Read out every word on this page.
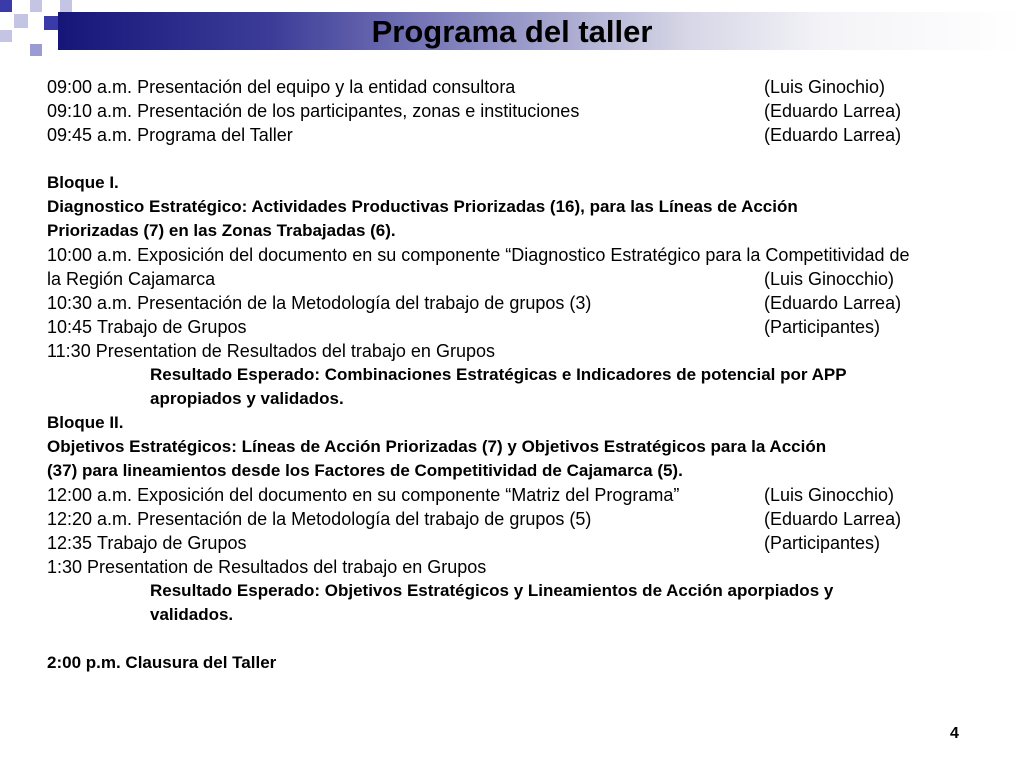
Programa del taller
09:00 a.m. Presentación del equipo y la entidad consultora	(Luis Ginochio)
09:10 a.m. Presentación de los participantes, zonas e instituciones	(Eduardo Larrea)
09:45 a.m. Programa del Taller	(Eduardo Larrea)
Bloque I.
Diagnostico Estratégico: Actividades Productivas Priorizadas (16), para las Líneas de Acción
Priorizadas (7) en las Zonas Trabajadas (6).
10:00 a.m. Exposición del documento en su componente “Diagnostico Estratégico para la Competitividad de
la Región Cajamarca	(Luis Ginocchio)
10:30 a.m. Presentación de la Metodología del trabajo de grupos (3)	(Eduardo Larrea)
10:45 Trabajo de Grupos	(Participantes)
11:30 Presentation de Resultados del trabajo en Grupos
Resultado Esperado: Combinaciones Estratégicas e Indicadores de potencial por APP
apropiados y validados.
Bloque II.
Objetivos Estratégicos: Líneas de Acción Priorizadas (7) y Objetivos Estratégicos para la Acción
(37) para lineamientos desde los Factores de Competitividad de Cajamarca (5).
12:00 a.m. Exposición del documento en su componente “Matriz del Programa”	(Luis Ginocchio)
12:20 a.m. Presentación de la Metodología del trabajo de grupos (5)	(Eduardo Larrea)
12:35 Trabajo de Grupos	(Participantes)
1:30 Presentation de Resultados del trabajo en Grupos
Resultado Esperado: Objetivos Estratégicos y Lineamientos de Acción aporpiados y
validados.
2:00 p.m. Clausura del Taller
4
